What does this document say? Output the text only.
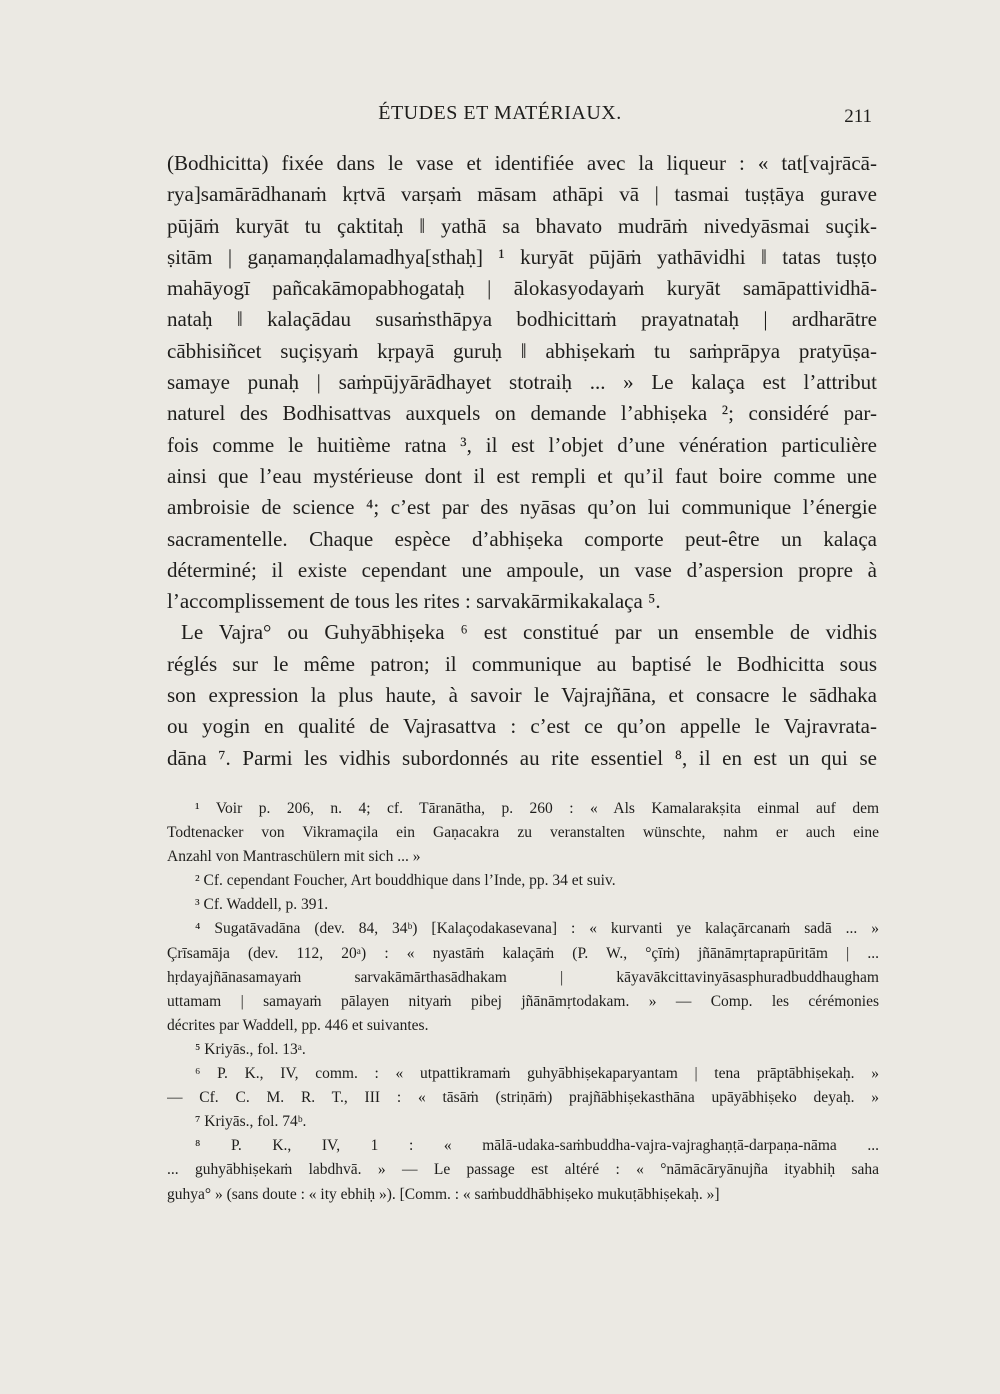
ÉTUDES ET MATÉRIAUX.	211
(Bodhicitta) fixée dans le vase et identifiée avec la liqueur : « tat[vajrācā-
rya]samārādhanaṁ kṛtvā varṣaṁ māsam athāpi vā | tasmai tuṣṭāya gurave
pūjāṁ kuryāt tu çaktitaḥ ‖ yathā sa bhavato mudrāṁ nivedyāsmai suçik-
ṣitām | gaṇamaṇḍalamadhya[sthaḥ] ¹ kuryāt pūjāṁ yathāvidhi ‖ tatas tuṣṭo
mahāyogī pañcakāmopabhogataḥ | ālokasyodayaṁ kuryāt samāpattividhā-
nataḥ ‖ kalaçādau susaṁsthāpya bodhicittaṁ prayatnataḥ | ardharātre
cābhisiñcet suçiṣyaṁ kṛpayā guruḥ ‖ abhiṣekaṁ tu saṁprāpya pratyūṣa-
samaye punaḥ | saṁpūjyārādhayet stotraiḥ ... » Le kalaça est l’attribut
naturel des Bodhisattvas auxquels on demande l’abhiṣeka ²; considéré par-
fois comme le huitième ratna ³, il est l’objet d’une vénération particulière
ainsi que l’eau mystérieuse dont il est rempli et qu’il faut boire comme une
ambroisie de science ⁴; c’est par des nyāsas qu’on lui communique l’énergie
sacramentelle. Chaque espèce d’abhiṣeka comporte peut-être un kalaça
déterminé; il existe cependant une ampoule, un vase d’aspersion propre à
l’accomplissement de tous les rites : sarvakārmikakalaça ⁵.
Le Vajra° ou Guhyābhiṣeka ⁶ est constitué par un ensemble de vidhis
réglés sur le même patron; il communique au baptisé le Bodhicitta sous
son expression la plus haute, à savoir le Vajrajñāna, et consacre le sādhaka
ou yogin en qualité de Vajrasattva : c’est ce qu’on appelle le Vajravrata-
dāna ⁷. Parmi les vidhis subordonnés au rite essentiel ⁸, il en est un qui se
¹ Voir p. 206, n. 4; cf. Tāranātha, p. 260 : « Als Kamalarakṣita einmal auf dem
Todtenacker von Vikramaçila ein Gaṇacakra zu veranstalten wünschte, nahm er auch eine
Anzahl von Mantraschülern mit sich ... »
² Cf. cependant Foucher, Art bouddhique dans l’Inde, pp. 34 et suiv.
³ Cf. Waddell, p. 391.
⁴ Sugatāvadāna (dev. 84, 34ᵇ) [Kalaçodakasevana] : « kurvanti ye kalaçārcanaṁ sadā ... »
Çrīsamāja (dev. 112, 20ᵃ) : « nyastāṁ kalaçāṁ (P. W., °çīṁ) jñānāmṛtaprapūritām | ...
hṛdayajñānasamayaṁ sarvakāmārthasādhakam | kāyavākcittavinyāsasphuradbuddhaugham
uttamam | samayaṁ pālayen nityaṁ pibej jñānāmṛtodakam. » — Comp. les cérémonies
décrites par Waddell, pp. 446 et suivantes.
⁵ Kriyās., fol. 13ᵃ.
⁶ P. K., IV, comm. : « utpattikramaṁ guhyābhiṣekaparyantam | tena prāptābhiṣekaḥ. »
— Cf. C. M. R. T., III : « tāsāṁ (striṇāṁ) prajñābhiṣekasthāna upāyābhiṣeko deyaḥ. »
⁷ Kriyās., fol. 74ᵇ.
⁸ P. K., IV, 1 : « mālā-udaka-saṁbuddha-vajra-vajraghaṇṭā-darpaṇa-nāma ...
... guhyābhiṣekaṁ labdhvā. » — Le passage est altéré : « °nāmācāryānujña ityabhiḥ saha
guhya° » (sans doute : « ity ebhiḥ »). [Comm. : « saṁbuddhābhiṣeko mukuṭābhiṣekaḥ. »]
